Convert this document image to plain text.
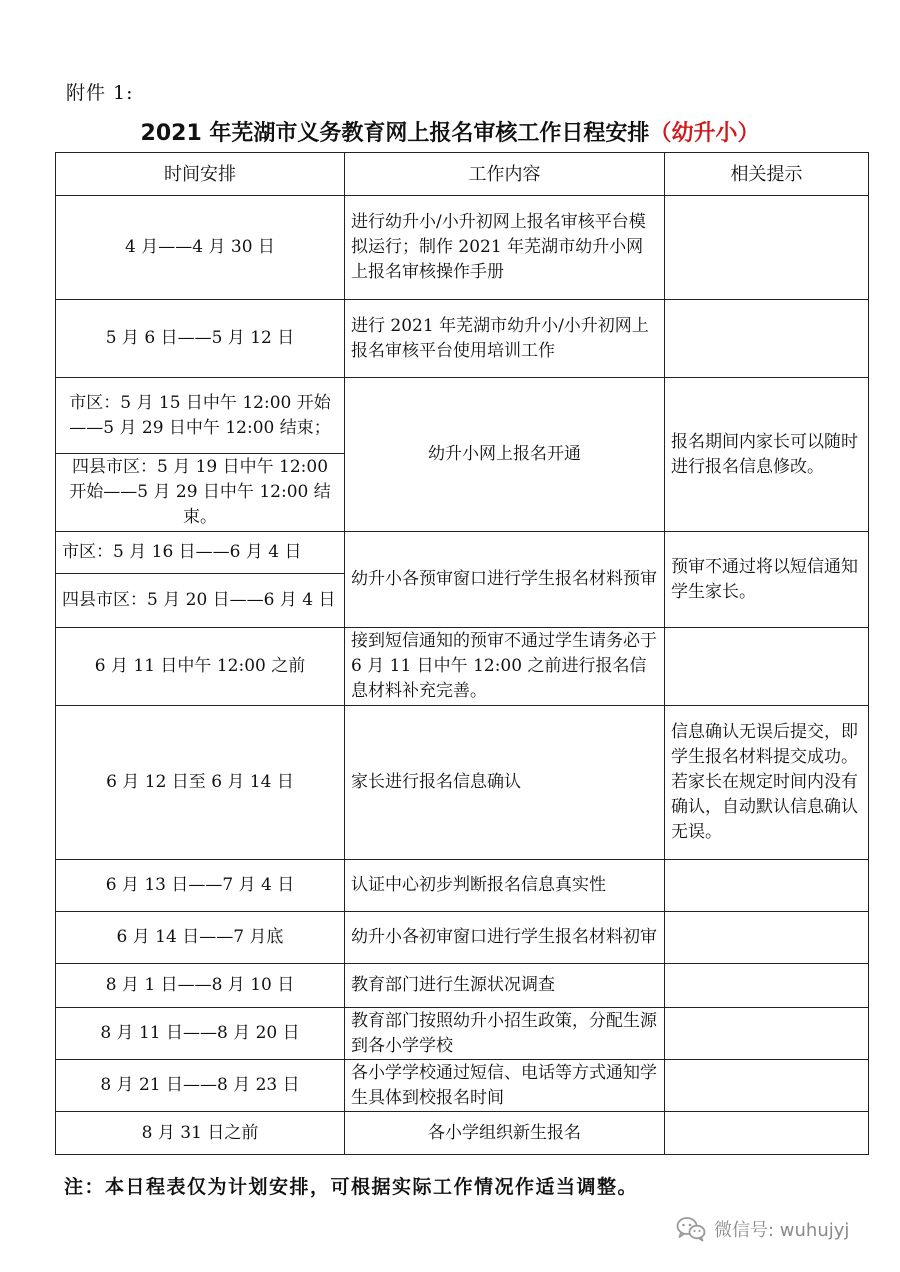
附件 1:
2021 年芜湖市义务教育网上报名审核工作日程安排（幼升小）
时间安排	工作内容	相关提示
4 月——4 月 30 日	进行幼升小/小升初网上报名审核平台模拟运行；制作 2021 年芜湖市幼升小网上报名审核操作手册	
5 月 6 日——5 月 12 日	进行 2021 年芜湖市幼升小/小升初网上报名审核平台使用培训工作	
市区：5 月 15 日中午 12:00 开始——5 月 29 日中午 12:00 结束；	幼升小网上报名开通	报名期间内家长可以随时进行报名信息修改。
四县市区：5 月 19 日中午 12:00 开始——5 月 29 日中午 12:00 结束。		
市区：5 月 16 日——6 月 4 日	幼升小各预审窗口进行学生报名材料预审	预审不通过将以短信通知学生家长。
四县市区：5 月 20 日——6 月 4 日		
6 月 11 日中午 12:00 之前	接到短信通知的预审不通过学生请务必于 6 月 11 日中午 12:00 之前进行报名信息材料补充完善。	
6 月 12 日至 6 月 14 日	家长进行报名信息确认	信息确认无误后提交，即学生报名材料提交成功。若家长在规定时间内没有确认，自动默认信息确认无误。
6 月 13 日——7 月 4 日	认证中心初步判断报名信息真实性	
6 月 14 日——7 月底	幼升小各初审窗口进行学生报名材料初审	
8 月 1 日——8 月 10 日	教育部门进行生源状况调查	
8 月 11 日——8 月 20 日	教育部门按照幼升小招生政策，分配生源到各小学学校	
8 月 21 日——8 月 23 日	各小学学校通过短信、电话等方式通知学生具体到校报名时间	
8 月 31 日之前	各小学组织新生报名	
注：本日程表仅为计划安排，可根据实际工作情况作适当调整。
微信号: wuhujyj
